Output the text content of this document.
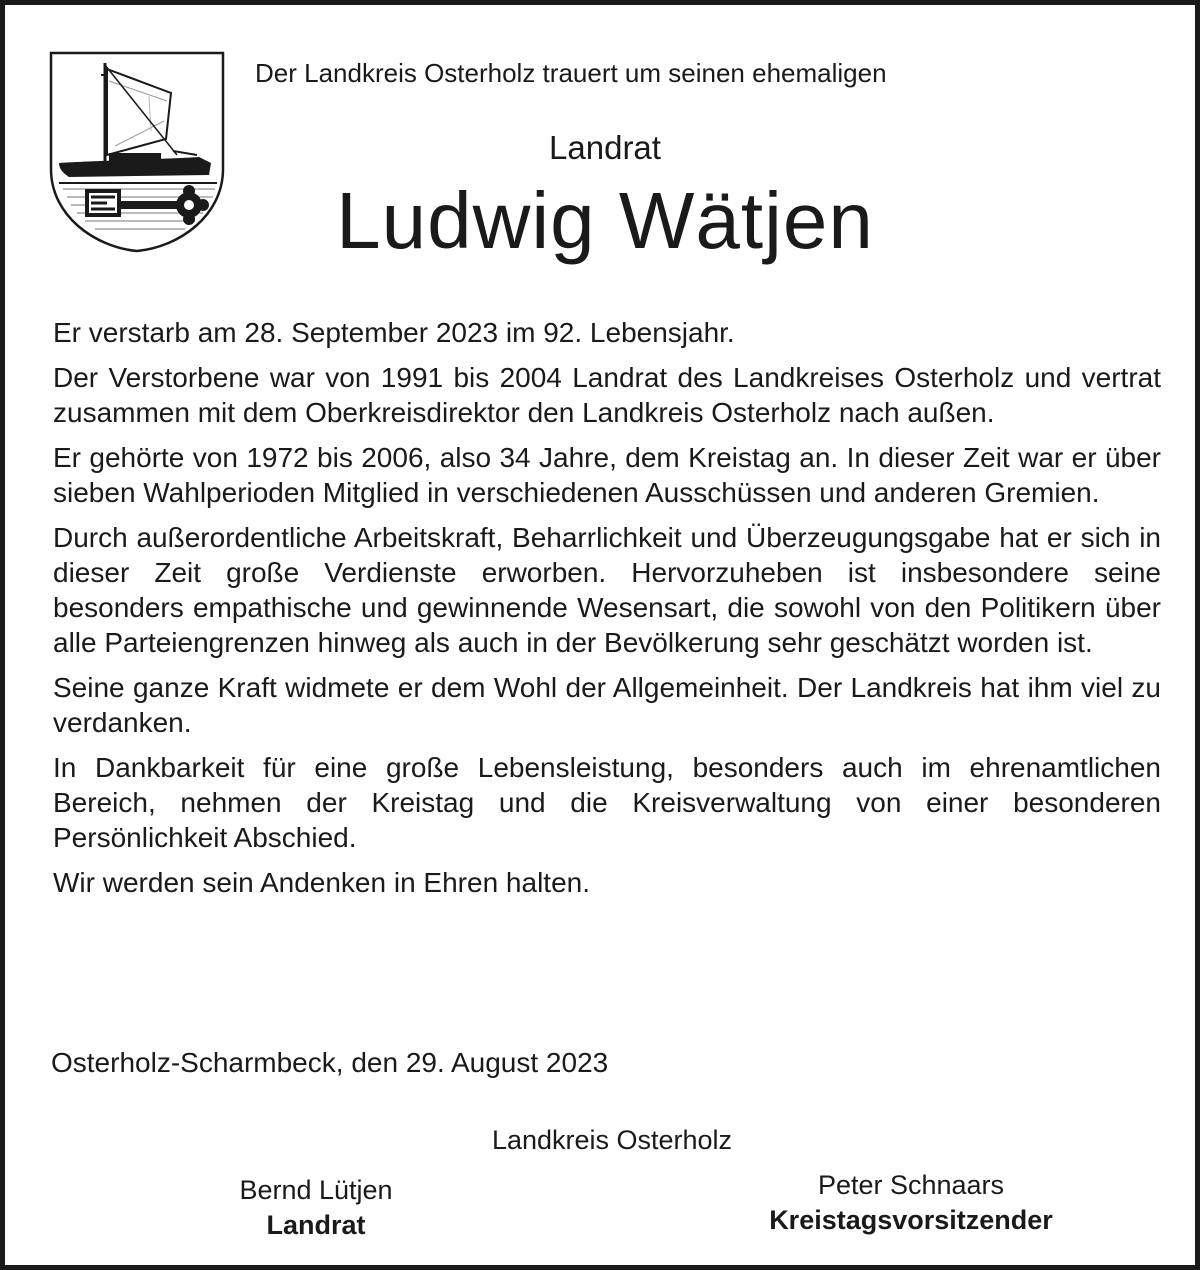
Der Landkreis Osterholz trauert um seinen ehemaligen
Landrat
Ludwig Wätjen

Er verstarb am 28. September 2023 im 92. Lebensjahr.

Der Verstorbene war von 1991 bis 2004 Landrat des Landkreises Osterholz und vertrat zusammen mit dem Oberkreisdirektor den Landkreis Osterholz nach außen.

Er gehörte von 1972 bis 2006, also 34 Jahre, dem Kreistag an. In dieser Zeit war er über sieben Wahlperioden Mitglied in verschiedenen Ausschüssen und anderen Gremien.

Durch außerordentliche Arbeitskraft, Beharrlichkeit und Überzeugungsgabe hat er sich in dieser Zeit große Verdienste erworben. Hervorzuheben ist insbesondere seine besonders empathische und gewinnende Wesensart, die sowohl von den Politikern über alle Parteiengrenzen hinweg als auch in der Bevölkerung sehr geschätzt worden ist.

Seine ganze Kraft widmete er dem Wohl der Allgemeinheit. Der Landkreis hat ihm viel zu verdanken.

In Dankbarkeit für eine große Lebensleistung, besonders auch im ehrenamtlichen Bereich, nehmen der Kreistag und die Kreisverwaltung von einer besonderen Persönlichkeit Abschied.

Wir werden sein Andenken in Ehren halten.

Osterholz-Scharmbeck, den 29. August 2023
Landkreis Osterholz
Bernd Lütjen
Landrat
Peter Schnaars
Kreistagsvorsitzender
